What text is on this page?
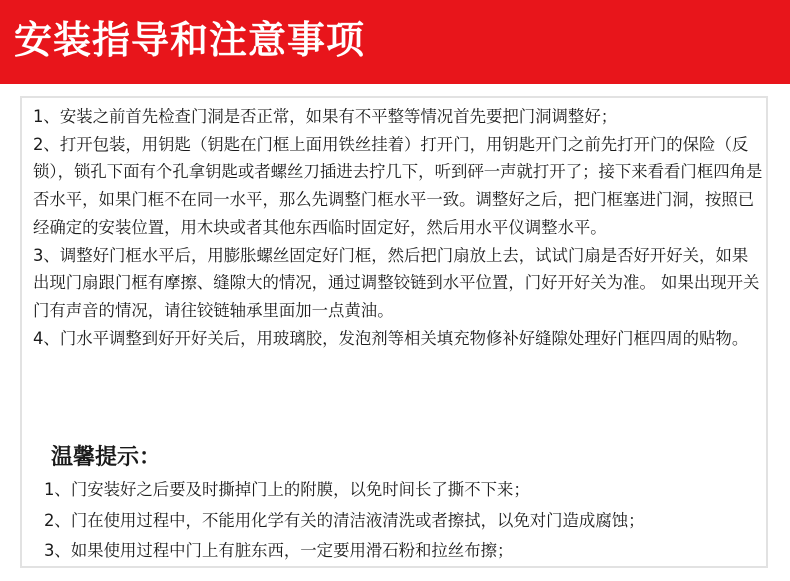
安装指导和注意事项

1、安装之前首先检查门洞是否正常，如果有不平整等情况首先要把门洞调整好；

2、打开包装，用钥匙（钥匙在门框上面用铁丝挂着）打开门，用钥匙开门之前先打开门的保险（反锁），锁孔下面有个孔拿钥匙或者螺丝刀插进去拧几下，听到砰一声就打开了；接下来看看门框四角是否水平，如果门框不在同一水平，那么先调整门框水平一致。调整好之后，把门框塞进门洞，按照已经确定的安装位置，用木块或者其他东西临时固定好，然后用水平仪调整水平。

3、调整好门框水平后，用膨胀螺丝固定好门框，然后把门扇放上去，试试门扇是否好开好关，如果出现门扇跟门框有摩擦、缝隙大的情况，通过调整铰链到水平位置，门好开好关为准。 如果出现开关门有声音的情况，请往铰链轴承里面加一点黄油。

4、门水平调整到好开好关后，用玻璃胶，发泡剂等相关填充物修补好缝隙处理好门框四周的贴物。

温馨提示：

1、门安装好之后要及时撕掉门上的附膜，以免时间长了撕不下来；

2、门在使用过程中，不能用化学有关的清洁液清洗或者擦拭，以免对门造成腐蚀；

3、如果使用过程中门上有脏东西，一定要用滑石粉和拉丝布擦；
